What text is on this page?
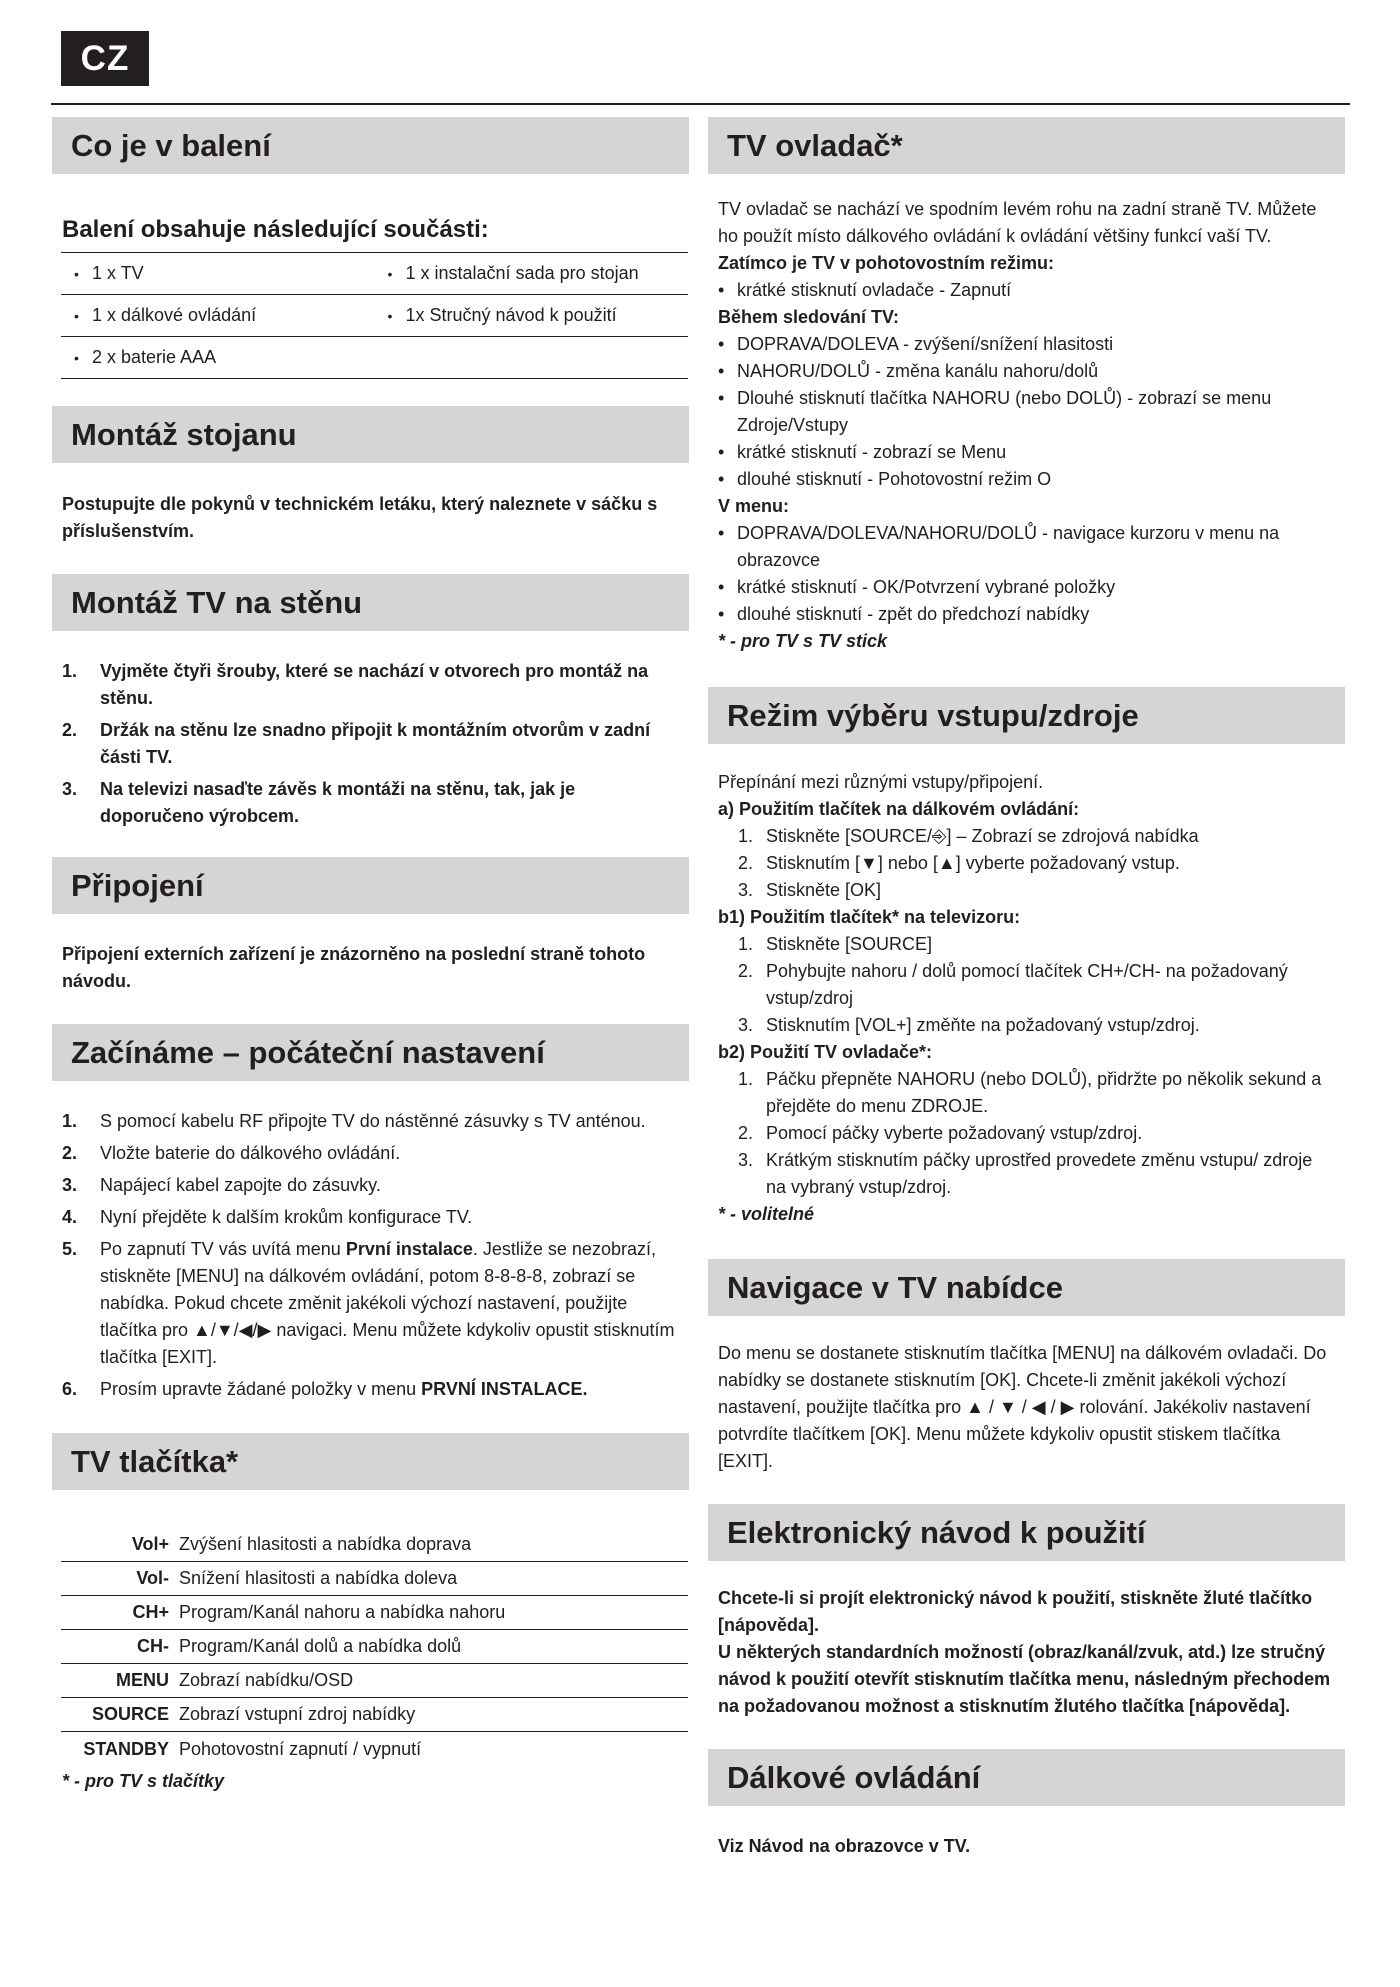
CZ
Co je v balení
Balení obsahuje následující součásti:
• 1 x TV	• 1 x instalační sada pro stojan
• 1 x dálkové ovládání	• 1x Stručný návod k použití
• 2 x baterie AAA
Montáž stojanu
Postupujte dle pokynů v technickém letáku, který naleznete v sáčku s příslušenstvím.
Montáž TV na stěnu
1.	Vyjměte čtyři šrouby, které se nachází v otvorech pro montáž na stěnu.
2.	Držák na stěnu lze snadno připojit k montážním otvorům v zadní části TV.
3.	Na televizi nasaďte závěs k montáži na stěnu, tak, jak je doporučeno výrobcem.
Připojení
Připojení externích zařízení je znázorněno na poslední straně tohoto návodu.
Začínáme – počáteční nastavení
1.	S pomocí kabelu RF připojte TV do nástěnné zásuvky s TV anténou.
2.	Vložte baterie do dálkového ovládání.
3.	Napájecí kabel zapojte do zásuvky.
4.	Nyní přejděte k dalším krokům konfigurace TV.
5.	Po zapnutí TV vás uvítá menu První instalace. Jestliže se nezobrazí, stiskněte [MENU] na dálkovém ovládání, potom 8-8-8-8, zobrazí se nabídka. Pokud chcete změnit jakékoli výchozí nastavení, použijte tlačítka pro ▲/▼/◀/▶ navigaci. Menu můžete kdykoliv opustit stisknutím tlačítka [EXIT].
6.	Prosím upravte žádané položky v menu PRVNÍ INSTALACE.
TV tlačítka*
Vol+ Zvýšení hlasitosti a nabídka doprava
Vol- Snížení hlasitosti a nabídka doleva
CH+ Program/Kanál nahoru a nabídka nahoru
CH- Program/Kanál dolů a nabídka dolů
MENU Zobrazí nabídku/OSD
SOURCE Zobrazí vstupní zdroj nabídky
STANDBY Pohotovostní zapnutí / vypnutí
* - pro TV s tlačítky
TV ovladač*
TV ovladač se nachází ve spodním levém rohu na zadní straně TV. Můžete ho použít místo dálkového ovládání k ovládání většiny funkcí vaší TV.
Zatímco je TV v pohotovostním režimu:
• krátké stisknutí ovladače - Zapnutí
Během sledování TV:
• DOPRAVA/DOLEVA - zvýšení/snížení hlasitosti
• NAHORU/DOLŮ - změna kanálu nahoru/dolů
• Dlouhé stisknutí tlačítka NAHORU (nebo DOLŮ) - zobrazí se menu Zdroje/Vstupy
• krátké stisknutí - zobrazí se Menu
• dlouhé stisknutí - Pohotovostní režim O
V menu:
• DOPRAVA/DOLEVA/NAHORU/DOLŮ - navigace kurzoru v menu na obrazovce
• krátké stisknutí - OK/Potvrzení vybrané položky
• dlouhé stisknutí - zpět do předchozí nabídky
* - pro TV s TV stick
Režim výběru vstupu/zdroje
Přepínání mezi různými vstupy/připojení.
a) Použitím tlačítek na dálkovém ovládání:
1. Stiskněte [SOURCE/⎆] – Zobrazí se zdrojová nabídka
2. Stisknutím [▼] nebo [▲] vyberte požadovaný vstup.
3. Stiskněte [OK]
b1) Použitím tlačítek* na televizoru:
1. Stiskněte [SOURCE]
2. Pohybujte nahoru / dolů pomocí tlačítek CH+/CH- na požadovaný vstup/zdroj
3. Stisknutím [VOL+] změňte na požadovaný vstup/zdroj.
b2) Použití TV ovladače*:
1. Páčku přepněte NAHORU (nebo DOLŮ), přidržte po několik sekund a přejděte do menu ZDROJE.
2. Pomocí páčky vyberte požadovaný vstup/zdroj.
3. Krátkým stisknutím páčky uprostřed provedete změnu vstupu/ zdroje na vybraný vstup/zdroj.
* - volitelné
Navigace v TV nabídce
Do menu se dostanete stisknutím tlačítka [MENU] na dálkovém ovladači. Do nabídky se dostanete stisknutím [OK]. Chcete-li změnit jakékoli výchozí nastavení, použijte tlačítka pro ▲ / ▼ / ◀ / ▶ rolování. Jakékoliv nastavení potvrdíte tlačítkem [OK]. Menu můžete kdykoliv opustit stiskem tlačítka [EXIT].
Elektronický návod k použití
Chcete-li si projít elektronický návod k použití, stiskněte žluté tlačítko [nápověda].
U některých standardních možností (obraz/kanál/zvuk, atd.) lze stručný návod k použití otevřít stisknutím tlačítka menu, následným přechodem na požadovanou možnost a stisknutím žlutého tlačítka [nápověda].
Dálkové ovládání
Viz Návod na obrazovce v TV.
